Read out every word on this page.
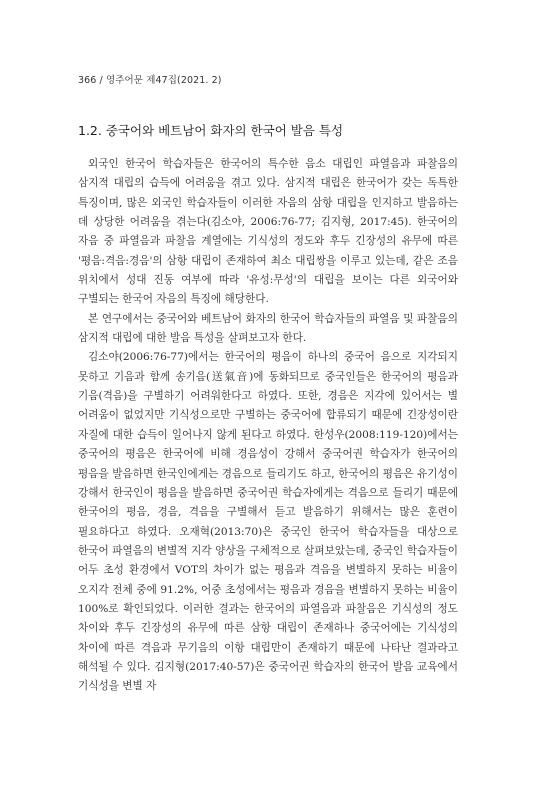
366 / 영주어문 제47집(2021. 2)
1.2. 중국어와 베트남어 화자의 한국어 발음 특성

외국인 한국어 학습자들은 한국어의 특수한 음소 대립인 파열음과 파찰음의 삼지적 대립의 습득에 어려움을 겪고 있다. 삼지적 대립은 한국어가 갖는 독특한 특징이며, 많은 외국인 학습자들이 이러한 자음의 삼항 대립을 인지하고 발음하는 데 상당한 어려움을 겪는다(김소야, 2006:76-77; 김지형, 2017:45). 한국어의 자음 중 파열음과 파찰음 계열에는 기식성의 정도와 후두 긴장성의 유무에 따른 '평음:격음:경음'의 삼항 대립이 존재하여 최소 대립쌍을 이루고 있는데, 같은 조음 위치에서 성대 진동 여부에 따라 '유성:무성'의 대립을 보이는 다른 외국어와 구별되는 한국어 자음의 특징에 해당한다.

본 연구에서는 중국어와 베트남어 화자의 한국어 학습자들의 파열음 및 파찰음의 삼지적 대립에 대한 발음 특성을 살펴보고자 한다.

김소야(2006:76-77)에서는 한국어의 평음이 하나의 중국어 음으로 지각되지 못하고 기음과 함께 송기음(送氣音)에 동화되므로 중국인들은 한국어의 평음과 기음(격음)을 구별하기 어려워한다고 하였다. 또한, 경음은 지각에 있어서는 별 어려움이 없었지만 기식성으로만 구별하는 중국어에 합류되기 때문에 긴장성이란 자질에 대한 습득이 일어나지 않게 된다고 하였다. 한성우(2008:119-120)에서는 중국어의 평음은 한국어에 비해 경음성이 강해서 중국어권 학습자가 한국어의 평음을 발음하면 한국인에게는 경음으로 들리기도 하고, 한국어의 평음은 유기성이 강해서 한국인이 평음을 발음하면 중국어권 학습자에게는 격음으로 들리기 때문에 한국어의 평음, 경음, 격음을 구별해서 듣고 발음하기 위해서는 많은 훈련이 필요하다고 하였다. 오재혁(2013:70)은 중국인 한국어 학습자들을 대상으로 한국어 파열음의 변별적 지각 양상을 구체적으로 살펴보았는데, 중국인 학습자들이 어두 초성 환경에서 VOT의 차이가 없는 평음과 격음을 변별하지 못하는 비율이 오지각 전체 중에 91.2%, 어중 초성에서는 평음과 경음을 변별하지 못하는 비율이 100%로 확인되었다. 이러한 결과는 한국어의 파열음과 파찰음은 기식성의 정도 차이와 후두 긴장성의 유무에 따른 삼항 대립이 존재하나 중국어에는 기식성의 차이에 따른 격음과 무기음의 이항 대립만이 존재하기 때문에 나타난 결과라고 해석될 수 있다. 김지형(2017:40-57)은 중국어권 학습자의 한국어 발음 교육에서 기식성을 변별 자
